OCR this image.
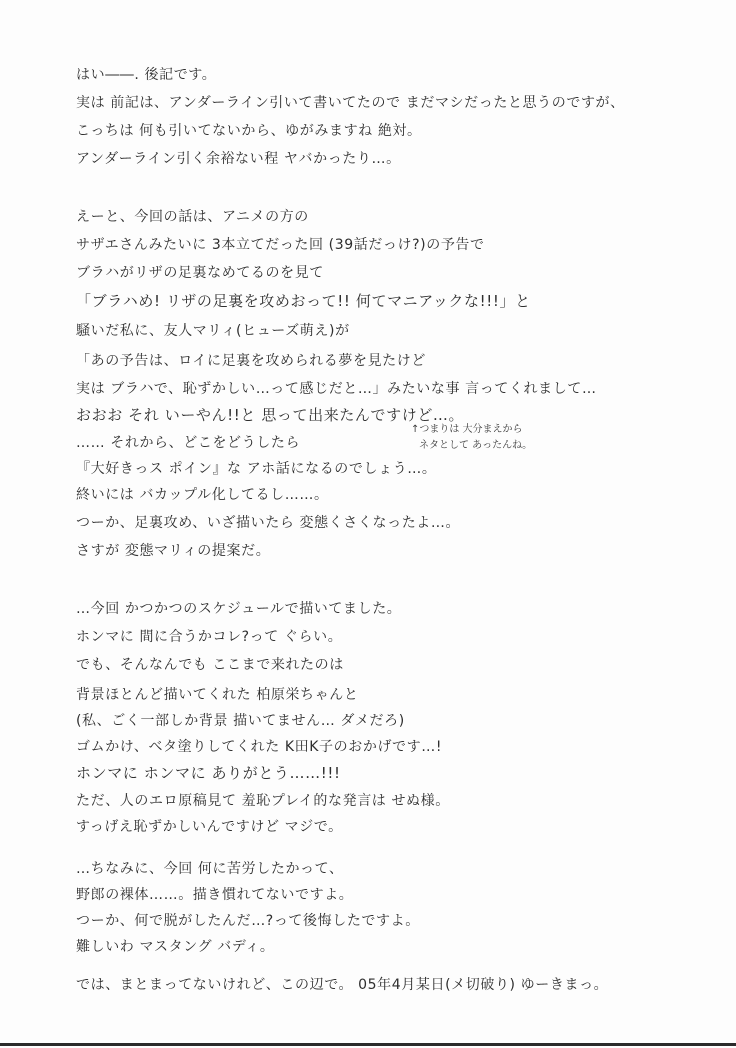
はい――. 後記です。
実は 前記は、アンダーライン引いて書いてたので まだマシだったと思うのですが、
こっちは 何も引いてないから、ゆがみますね 絶対。
アンダーライン引く余裕ない程 ヤバかったり…。
えーと、今回の話は、アニメの方の
サザエさんみたいに 3本立てだった回 (39話だっけ?)の予告で
ブラハがリザの足裏なめてるのを見て
「ブラハめ! リザの足裏を攻めおって!! 何てマニアックな!!!」と
騒いだ私に、友人マリィ(ヒューズ萌え)が
「あの予告は、ロイに足裏を攻められる夢を見たけど
実は ブラハで、恥ずかしい…って感じだと…」みたいな事 言ってくれまして…
おおお それ いーやん!!と 思って出来たんですけど…。
↑つまりは 大分まえから
ネタとして あったんね。
…… それから、どこをどうしたら
『大好きっス ポイン』な アホ話になるのでしょう…。
終いには バカップル化してるし……。
つーか、足裏攻め、いざ描いたら 変態くさくなったよ…。
さすが 変態マリィの提案だ。
…今回 かつかつのスケジュールで描いてました。
ホンマに 間に合うかコレ?って ぐらい。
でも、そんなんでも ここまで来れたのは
背景ほとんど描いてくれた 柏原栄ちゃんと
(私、ごく一部しか背景 描いてません… ダメだろ)
ゴムかけ、ベタ塗りしてくれた K田K子のおかげです…!
ホンマに ホンマに ありがとう……!!!
ただ、人のエロ原稿見て 羞恥プレイ的な発言は せぬ様。
すっげえ恥ずかしいんですけど マジで。
…ちなみに、今回 何に苦労したかって、
野郎の裸体……。描き慣れてないですよ。
つーか、何で脱がしたんだ…?って後悔したですよ。
難しいわ マスタング バディ。
では、まとまってないけれど、この辺で。 05年4月某日(メ切破り) ゆーきまっ。
